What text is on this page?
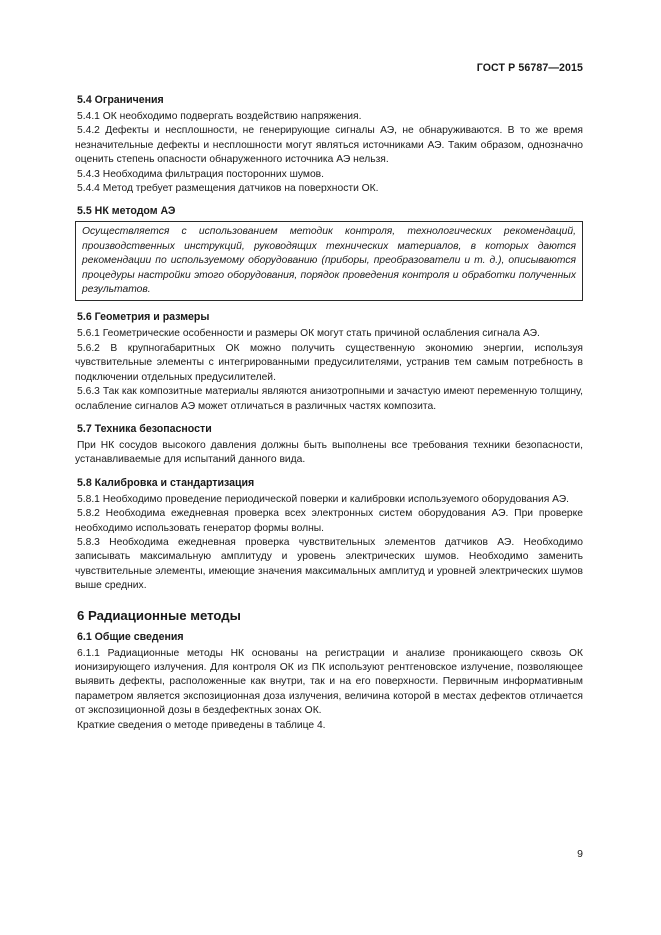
ГОСТ Р 56787—2015
5.4 Ограничения

5.4.1 ОК необходимо подвергать воздействию напряжения.

5.4.2 Дефекты и несплошности, не генерирующие сигналы АЭ, не обнаруживаются. В то же время незначительные дефекты и несплошности могут являться источниками АЭ. Таким образом, однозначно оценить степень опасности обнаруженного источника АЭ нельзя.

5.4.3 Необходима фильтрация посторонних шумов.

5.4.4 Метод требует размещения датчиков на поверхности ОК.

5.5 НК методом АЭ
Осуществляется с использованием методик контроля, технологических рекомендаций, производственных инструкций, руководящих технических материалов, в которых даются рекомендации по используемому оборудованию (приборы, преобразователи и т. д.), описываются процедуры настройки этого оборудования, порядок проведения контроля и обработки полученных результатов.
5.6 Геометрия и размеры

5.6.1 Геометрические особенности и размеры ОК могут стать причиной ослабления сигнала АЭ.

5.6.2 В крупногабаритных ОК можно получить существенную экономию энергии, используя чувствительные элементы с интегрированными предусилителями, устранив тем самым потребность в подключении отдельных предусилителей.

5.6.3 Так как композитные материалы являются анизотропными и зачастую имеют переменную толщину, ослабление сигналов АЭ может отличаться в различных частях композита.

5.7 Техника безопасности

При НК сосудов высокого давления должны быть выполнены все требования техники безопасности, устанавливаемые для испытаний данного вида.

5.8 Калибровка и стандартизация

5.8.1 Необходимо проведение периодической поверки и калибровки используемого оборудования АЭ.

5.8.2 Необходима ежедневная проверка всех электронных систем оборудования АЭ. При проверке необходимо использовать генератор формы волны.

5.8.3 Необходима ежедневная проверка чувствительных элементов датчиков АЭ. Необходимо записывать максимальную амплитуду и уровень электрических шумов. Необходимо заменить чувствительные элементы, имеющие значения максимальных амплитуд и уровней электрических шумов выше средних.

6 Радиационные методы
6.1 Общие сведения

6.1.1 Радиационные методы НК основаны на регистрации и анализе проникающего сквозь ОК ионизирующего излучения. Для контроля ОК из ПК используют рентгеновское излучение, позволяющее выявить дефекты, расположенные как внутри, так и на его поверхности. Первичным информативным параметром является экспозиционная доза излучения, величина которой в местах дефектов отличается от экспозиционной дозы в бездефектных зонах ОК.

Краткие сведения о методе приведены в таблице 4.

9
